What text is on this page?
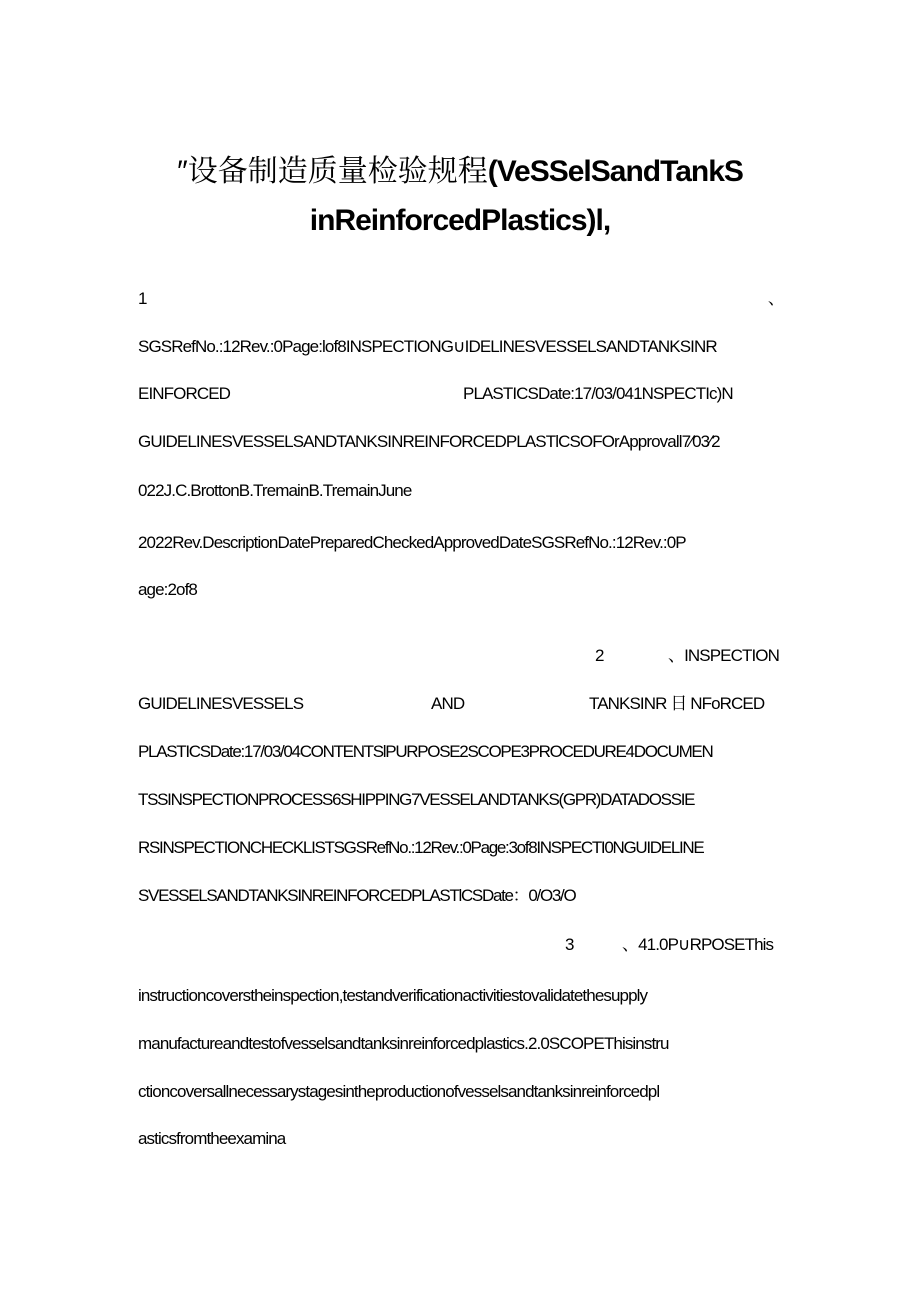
″设备制造质量检验规程(VeSSelSandTankS
inReinforcedPlastics)l,
1	、
SGSRefNo.:12Rev.:0Page:lof8INSPECTIONG∪IDELINESVESSELSANDTANKSINR
EINFORCED	PLASTICSDate:17/03/041NSPECTIc)N
GUIDELINESVESSELSANDTANKSINREINFORCEDPLASTlCSOFOrApprovall7∕03∕2
022J.C.BrottonB.TremainB.TremainJune
2022Rev.DescriptionDatePreparedCheckedApprovedDateSGSRefNo.:12Rev.:0P
age:2of8
2	、INSPECTION
GUIDELINESVESSELS	AND	TANKSINR 日 NFoRCED
PLASTICSDate:17/03/04CONTENTSlPURPOSE2SCOPE3PROCEDURE4DOCUMEN
TSSINSPECTIONPROCESS6SHIPPING7VESSELANDTANKS(GPR)DATADOSSIE
RSINSPECTIONCHECKLISTSGSRefNo.:12Rev.:0Page:3of8INSPECTI0NGUIDELINE
SVESSELSANDTANKSINREINFORCEDPLASTlCSDate：0/O3/O
3	、41.0P∪RPOSEThis
instructioncoverstheinspection,testandverificationactivitiestovalidatethesupply
manufactureandtestofvesselsandtanksinreinforcedplastics.2.0SCOPEThisinstru
ctioncoversallnecessarystagesintheproductionofvesselsandtanksinreinforcedpl
asticsfromtheexamina
